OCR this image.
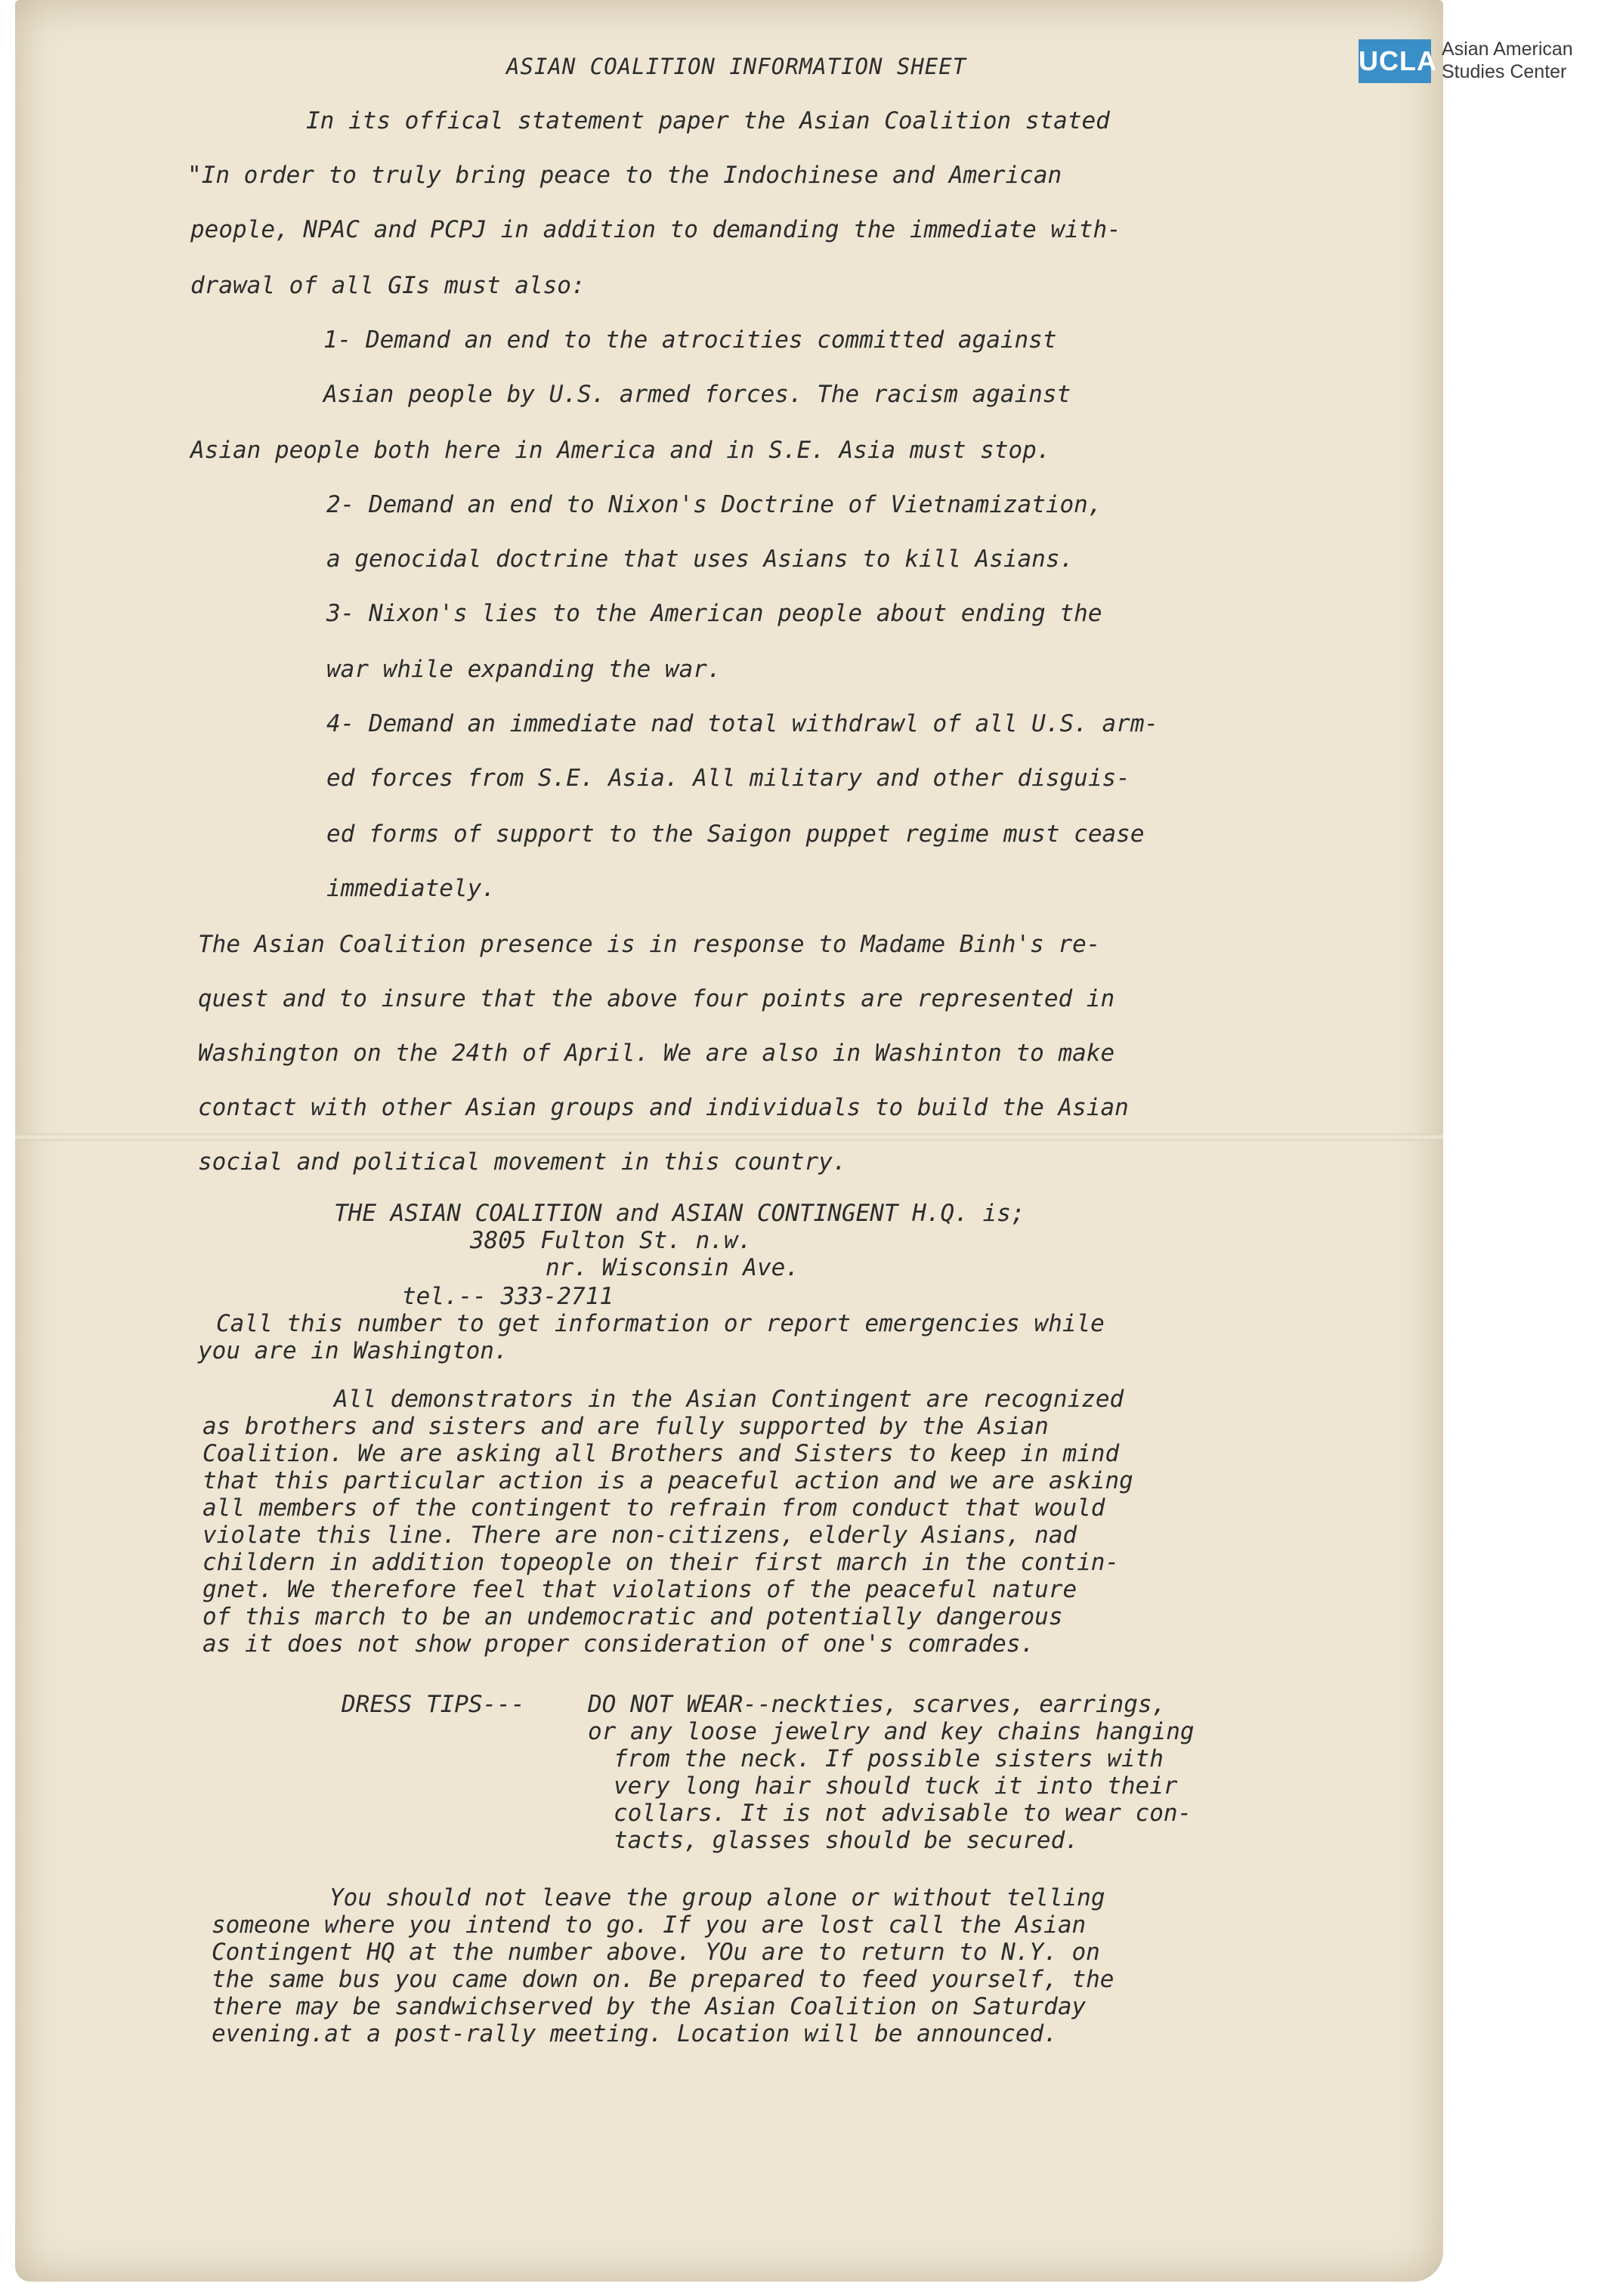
UCLA Asian American
Studies Center

ASIAN COALITION INFORMATION SHEET

In its offical statement paper the Asian Coalition stated

"In order to truly bring peace to the Indochinese and American

people, NPAC and PCPJ in addition to demanding the immediate with-

drawal of all GIs must also:

1- Demand an end to the atrocities committed against

Asian people by U.S. armed forces. The racism against

Asian people both here in America and in S.E. Asia must stop.

2- Demand an end to Nixon's Doctrine of Vietnamization,

a genocidal doctrine that uses Asians to kill Asians.

3- Nixon's lies to the American people about ending the

war while expanding the war.

4- Demand an immediate nad total withdrawl of all U.S. arm-

ed forces from S.E. Asia. All military and other disguis-

ed forms of support to the Saigon puppet regime must cease

immediately.

The Asian Coalition presence is in response to Madame Binh's re-

quest and to insure that the above four points are represented in

Washington on the 24th of April. We are also in Washinton to make

contact with other Asian groups and individuals to build the Asian

social and political movement in this country.

THE ASIAN COALITION and ASIAN CONTINGENT H.Q. is;

3805 Fulton St. n.w.

nr. Wisconsin Ave.

tel.-- 333-2711

Call this number to get information or report emergencies while

you are in Washington.

All demonstrators in the Asian Contingent are recognized

as brothers and sisters and are fully supported by the Asian

Coalition. We are asking all Brothers and Sisters to keep in mind

that this particular action is a peaceful action and we are asking

all members of the contingent to refrain from conduct that would

violate this line. There are non-citizens, elderly Asians, nad

childern in addition topeople on their first march in the contin-

gnet. We therefore feel that violations of the peaceful nature

of this march to be an undemocratic and potentially dangerous

as it does not show proper consideration of one's comrades.

DRESS TIPS---	DO NOT WEAR--neckties, scarves, earrings,

or any loose jewelry and key chains hanging

from the neck. If possible sisters with

very long hair should tuck it into their

collars. It is not advisable to wear con-

tacts, glasses should be secured.

You should not leave the group alone or without telling

someone where you intend to go. If you are lost call the Asian

Contingent HQ at the number above. YOu are to return to N.Y. on

the same bus you came down on. Be prepared to feed yourself, the

there may be sandwichserved by the Asian Coalition on Saturday

evening.at a post-rally meeting. Location will be announced.
